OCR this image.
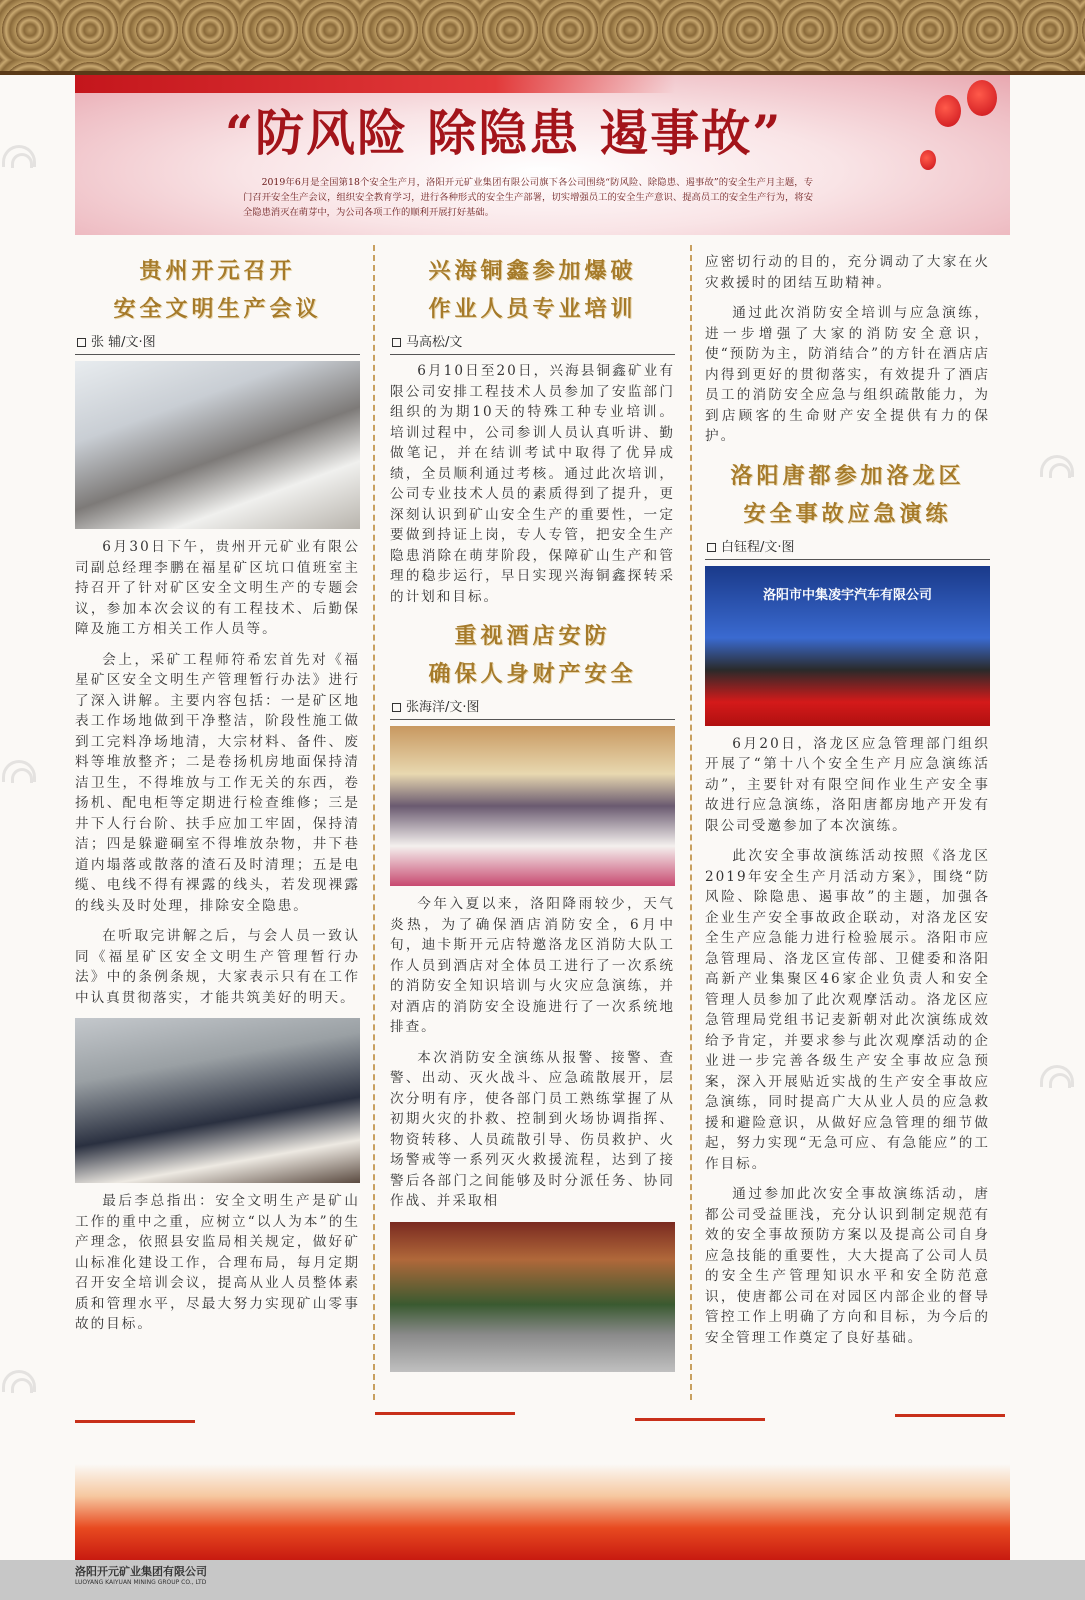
“防风险 除隐患 遏事故”
2019年6月是全国第18个安全生产月，洛阳开元矿业集团有限公司旗下各公司围绕“防风险、除隐患、遏事故”的安全生产月主题，专门召开安全生产会议，组织安全教育学习，进行各种形式的安全生产部署，切实增强员工的安全生产意识、提高员工的安全生产行为，将安全隐患消灭在萌芽中，为公司各项工作的顺利开展打好基础。
贵州开元召开
安全文明生产会议
张 辅/文·图
6月30日下午，贵州开元矿业有限公司副总经理李鹏在福星矿区坑口值班室主持召开了针对矿区安全文明生产的专题会议，参加本次会议的有工程技术、后勤保障及施工方相关工作人员等。
会上，采矿工程师符希宏首先对《福星矿区安全文明生产管理暂行办法》进行了深入讲解。主要内容包括：一是矿区地表工作场地做到干净整洁，阶段性施工做到工完料净场地清，大宗材料、备件、废料等堆放整齐；二是卷扬机房地面保持清洁卫生，不得堆放与工作无关的东西，卷扬机、配电柜等定期进行检查维修；三是井下人行台阶、扶手应加工牢固，保持清洁；四是躲避硐室不得堆放杂物，井下巷道内塌落或散落的渣石及时清理；五是电缆、电线不得有裸露的线头，若发现裸露的线头及时处理，排除安全隐患。
在听取完讲解之后，与会人员一致认同《福星矿区安全文明生产管理暂行办法》中的条例条规，大家表示只有在工作中认真贯彻落实，才能共筑美好的明天。
最后李总指出：安全文明生产是矿山工作的重中之重，应树立“以人为本”的生产理念，依照县安监局相关规定，做好矿山标准化建设工作，合理布局，每月定期召开安全培训会议，提高从业人员整体素质和管理水平，尽最大努力实现矿山零事故的目标。
兴海铜鑫参加爆破
作业人员专业培训
马高松/文
6月10日至20日，兴海县铜鑫矿业有限公司安排工程技术人员参加了安监部门组织的为期10天的特殊工种专业培训。培训过程中，公司参训人员认真听讲、勤做笔记，并在结训考试中取得了优异成绩，全员顺利通过考核。通过此次培训，公司专业技术人员的素质得到了提升，更深刻认识到矿山安全生产的重要性，一定要做到持证上岗，专人专管，把安全生产隐患消除在萌芽阶段，保障矿山生产和管理的稳步运行，早日实现兴海铜鑫探转采的计划和目标。
重视酒店安防
确保人身财产安全
张海洋/文·图
今年入夏以来，洛阳降雨较少，天气炎热，为了确保酒店消防安全，6月中旬，迪卡斯开元店特邀洛龙区消防大队工作人员到酒店对全体员工进行了一次系统的消防安全知识培训与火灾应急演练，并对酒店的消防安全设施进行了一次系统地排查。
本次消防安全演练从报警、接警、查警、出动、灭火战斗、应急疏散展开，层次分明有序，使各部门员工熟练掌握了从初期火灾的扑救、控制到火场协调指挥、物资转移、人员疏散引导、伤员救护、火场警戒等一系列灭火救援流程，达到了接警后各部门之间能够及时分派任务、协同作战、并采取相
应密切行动的目的，充分调动了大家在火灾救援时的团结互助精神。
通过此次消防安全培训与应急演练，进一步增强了大家的消防安全意识，使“预防为主，防消结合”的方针在酒店店内得到更好的贯彻落实，有效提升了酒店员工的消防安全应急与组织疏散能力，为到店顾客的生命财产安全提供有力的保护。
洛阳唐都参加洛龙区
安全事故应急演练
白钰程/文·图
洛阳市中集凌宇汽车有限公司
6月20日，洛龙区应急管理部门组织开展了“第十八个安全生产月应急演练活动”，主要针对有限空间作业生产安全事故进行应急演练，洛阳唐都房地产开发有限公司受邀参加了本次演练。
此次安全事故演练活动按照《洛龙区2019年安全生产月活动方案》，围绕“防风险、除隐患、遏事故”的主题，加强各企业生产安全事故政企联动，对洛龙区安全生产应急能力进行检验展示。洛阳市应急管理局、洛龙区宣传部、卫健委和洛阳高新产业集聚区46家企业负责人和安全管理人员参加了此次观摩活动。洛龙区应急管理局党组书记麦新朝对此次演练成效给予肯定，并要求参与此次观摩活动的企业进一步完善各级生产安全事故应急预案，深入开展贴近实战的生产安全事故应急演练，同时提高广大从业人员的应急救援和避险意识，从做好应急管理的细节做起，努力实现“无急可应、有急能应”的工作目标。
通过参加此次安全事故演练活动，唐都公司受益匪浅，充分认识到制定规范有效的安全事故预防方案以及提高公司自身应急技能的重要性，大大提高了公司人员的安全生产管理知识水平和安全防范意识，使唐都公司在对园区内部企业的督导管控工作上明确了方向和目标，为今后的安全管理工作奠定了良好基础。
洛阳开元矿业集团有限公司
LUOYANG KAIYUAN MINING GROUP CO., LTD
